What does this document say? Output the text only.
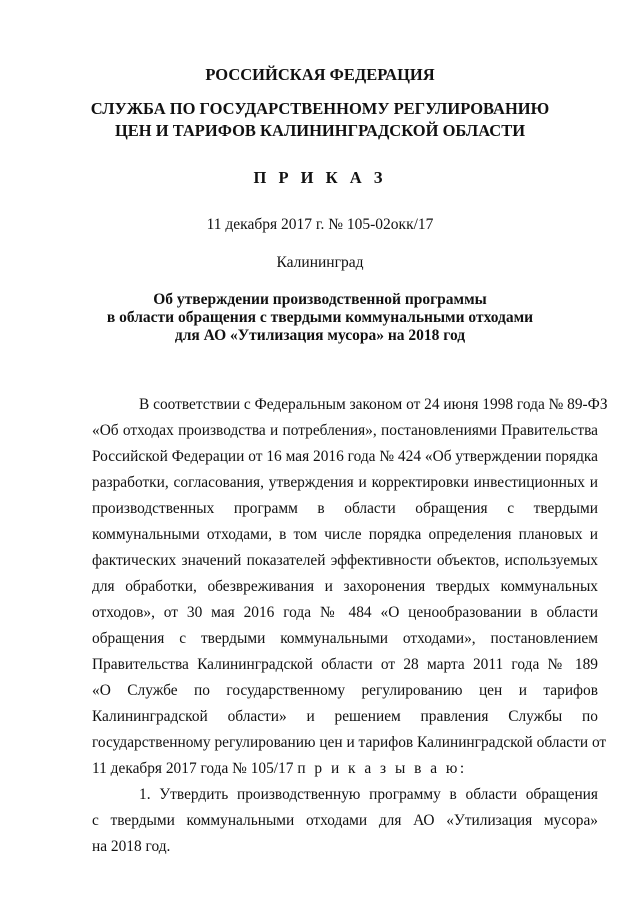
РОССИЙСКАЯ ФЕДЕРАЦИЯ
СЛУЖБА ПО ГОСУДАРСТВЕННОМУ РЕГУЛИРОВАНИЮ
ЦЕН И ТАРИФОВ КАЛИНИНГРАДСКОЙ ОБЛАСТИ
П Р И К А З
11 декабря 2017 г. № 105-02окк/17
Калининград
Об утверждении производственной программы
в области обращения с твердыми коммунальными отходами
для АО «Утилизация мусора» на 2018 год
В соответствии с Федеральным законом от 24 июня 1998 года № 89-ФЗ
«Об отходах производства и потребления», постановлениями Правительства
Российской Федерации от 16 мая 2016 года № 424 «Об утверждении порядка
разработки, согласования, утверждения и корректировки инвестиционных и
производственных программ в области обращения с твердыми
коммунальными отходами, в том числе порядка определения плановых и
фактических значений показателей эффективности объектов, используемых
для обработки, обезвреживания и захоронения твердых коммунальных
отходов», от 30 мая 2016 года № 484 «О ценообразовании в области
обращения с твердыми коммунальными отходами», постановлением
Правительства Калининградской области от 28 марта 2011 года № 189
«О Службе по государственному регулированию цен и тарифов
Калининградской области» и решением правления Службы по
государственному регулированию цен и тарифов Калининградской области от
11 декабря 2017 года № 105/17 п р и к а з ы в а ю:
1. Утвердить производственную программу в области обращения
с твердыми коммунальными отходами для АО «Утилизация мусора»
на 2018 год.
